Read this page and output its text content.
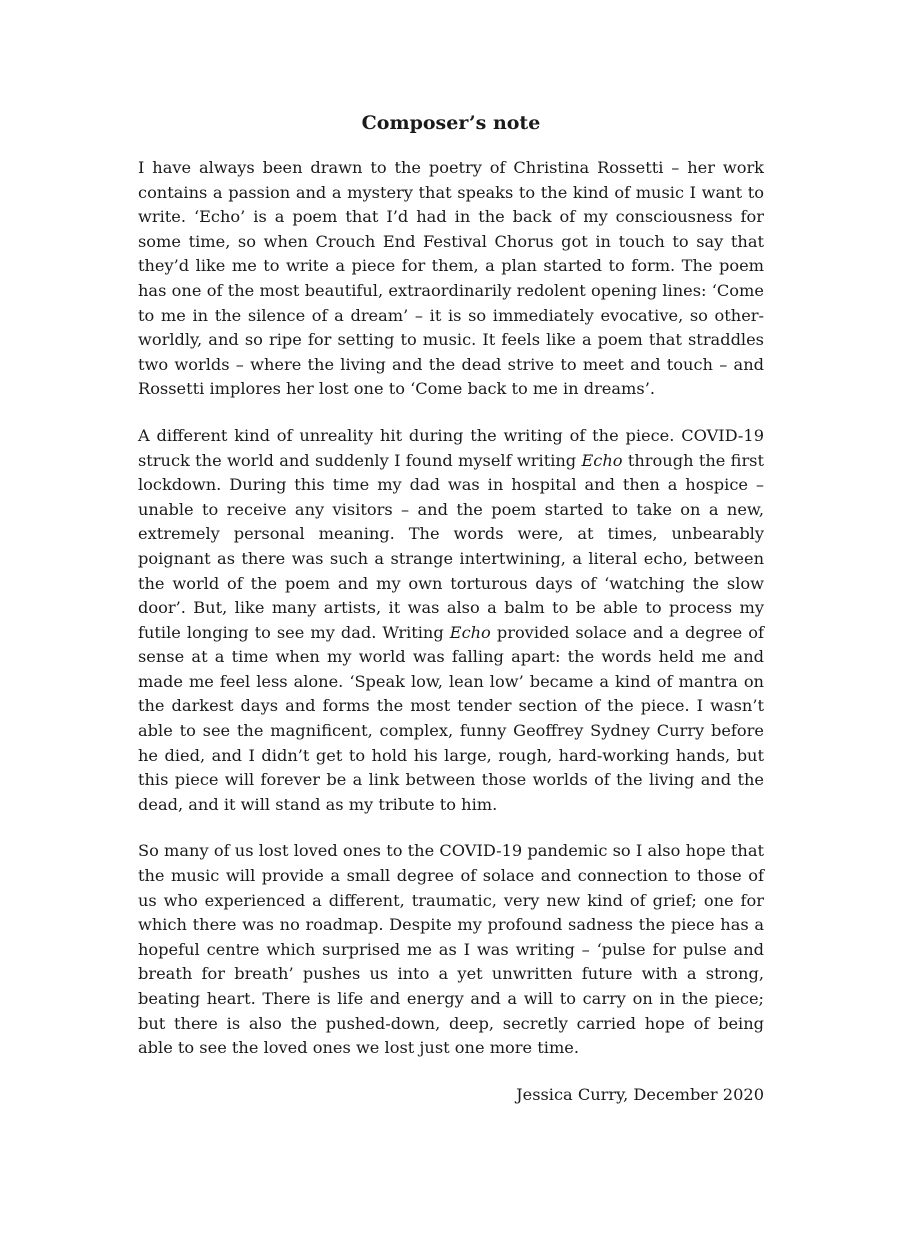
Composer’s note

I have always been drawn to the poetry of Christina Rossetti – her work contains a passion and a mystery that speaks to the kind of music I want to write. ‘Echo’ is a poem that I’d had in the back of my consciousness for some time, so when Crouch End Festival Chorus got in touch to say that they’d like me to write a piece for them, a plan started to form. The poem has one of the most beautiful, extraordinarily redolent opening lines: ‘Come to me in the silence of a dream’ – it is so immediately evocative, so other-worldly, and so ripe for setting to music. It feels like a poem that straddles two worlds – where the living and the dead strive to meet and touch – and Rossetti implores her lost one to ‘Come back to me in dreams’.

A different kind of unreality hit during the writing of the piece. COVID-19 struck the world and suddenly I found myself writing Echo through the first lockdown. During this time my dad was in hospital and then a hospice – unable to receive any visitors – and the poem started to take on a new, extremely personal meaning. The words were, at times, unbearably poignant as there was such a strange intertwining, a literal echo, between the world of the poem and my own torturous days of ‘watching the slow door’. But, like many artists, it was also a balm to be able to process my futile longing to see my dad. Writing Echo provided solace and a degree of sense at a time when my world was falling apart: the words held me and made me feel less alone. ‘Speak low, lean low’ became a kind of mantra on the darkest days and forms the most tender section of the piece. I wasn’t able to see the magnificent, complex, funny Geoffrey Sydney Curry before he died, and I didn’t get to hold his large, rough, hard-working hands, but this piece will forever be a link between those worlds of the living and the dead, and it will stand as my tribute to him.

So many of us lost loved ones to the COVID-19 pandemic so I also hope that the music will provide a small degree of solace and connection to those of us who experienced a different, traumatic, very new kind of grief; one for which there was no roadmap. Despite my profound sadness the piece has a hopeful centre which surprised me as I was writing – ‘pulse for pulse and breath for breath’ pushes us into a yet unwritten future with a strong, beating heart. There is life and energy and a will to carry on in the piece; but there is also the pushed-down, deep, secretly carried hope of being able to see the loved ones we lost just one more time.

Jessica Curry, December 2020
